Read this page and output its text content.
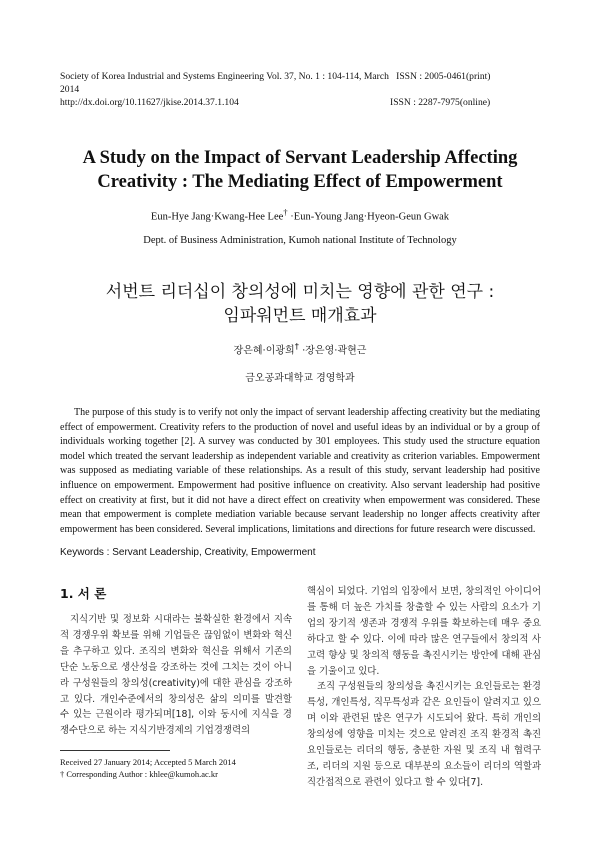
Society of Korea Industrial and Systems Engineering Vol. 37, No. 1 : 104-114, March 2014
ISSN : 2005-0461(print)
http://dx.doi.org/10.11627/jkise.2014.37.1.104	ISSN : 2287-7975(online)
A Study on the Impact of Servant Leadership Affecting
Creativity : The Mediating Effect of Empowerment
Eun-Hye Jang·Kwang-Hee Lee† ·Eun-Young Jang·Hyeon-Geun Gwak
Dept. of Business Administration, Kumoh national Institute of Technology
서번트 리더십이 창의성에 미치는 영향에 관한 연구 :
임파워먼트 매개효과
장은혜·이광희† ·장은영·곽현근
금오공과대학교 경영학과
The purpose of this study is to verify not only the impact of servant leadership affecting creativity but the mediating effect of empowerment. Creativity refers to the production of novel and useful ideas by an individual or by a group of individuals working together [2]. A survey was conducted by 301 employees. This study used the structure equation model which treated the servant leadership as independent variable and creativity as criterion variables. Empowerment was supposed as mediating variable of these relationships. As a result of this study, servant leadership had positive influence on empowerment. Empowerment had positive influence on creativity. Also servant leadership had positive effect on creativity at first, but it did not have a direct effect on creativity when empowerment was considered. These mean that empowerment is complete mediation variable because servant leadership no longer affects creativity after empowerment has been considered. Several implications, limitations and directions for future research were discussed.
Keywords : Servant Leadership, Creativity, Empowerment
1. 서 론

지식기반 및 정보화 시대라는 불확실한 환경에서 지속적 경쟁우위 확보를 위해 기업들은 끊임없이 변화와 혁신을 추구하고 있다. 조직의 변화와 혁신을 위해서 기존의 단순 노동으로 생산성을 강조하는 것에 그치는 것이 아니라 구성원들의 창의성(creativity)에 대한 관심을 강조하고 있다. 개인수준에서의 창의성은 삶의 의미를 발견할 수 있는 근원이라 평가되며[18], 이와 동시에 지식을 경쟁수단으로 하는 지식기반경제의 기업경쟁력의

핵심이 되었다. 기업의 입장에서 보면, 창의적인 아이디어를 통해 더 높은 가치를 창출할 수 있는 사람의 요소가 기업의 장기적 생존과 경쟁적 우위를 확보하는데 매우 중요하다고 할 수 있다. 이에 따라 많은 연구들에서 창의적 사고력 향상 및 창의적 행동을 촉진시키는 방안에 대해 관심을 기울이고 있다.

조직 구성원들의 창의성을 촉진시키는 요인들로는 환경특성, 개인특성, 직무특성과 같은 요인들이 알려지고 있으며 이와 관련된 많은 연구가 시도되어 왔다. 특히 개인의 창의성에 영향을 미치는 것으로 알려진 조직 환경적 촉진요인들로는 리더의 행동, 충분한 자원 및 조직 내 협력구조, 리더의 지원 등으로 대부분의 요소들이 리더의 역할과 직간접적으로 관련이 있다고 할 수 있다[7].

Received 27 January 2014; Accepted 5 March 2014
† Corresponding Author : khlee@kumoh.ac.kr
